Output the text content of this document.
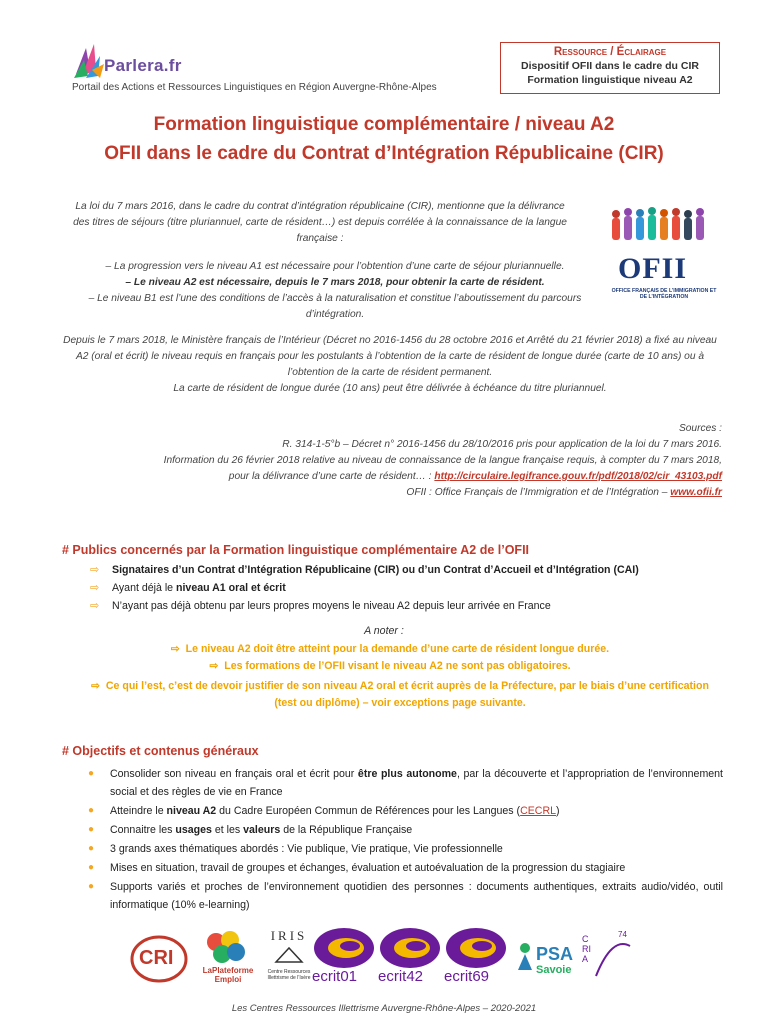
Parlera.fr
Portail des Actions et Ressources Linguistiques en Région Auvergne-Rhône-Alpes
Ressource / Éclairage
Dispositif OFII dans le cadre du CIR
Formation linguistique niveau A2
Formation linguistique complémentaire / niveau A2
OFII dans le cadre du Contrat d’Intégration Républicaine (CIR)
La loi du 7 mars 2016, dans le cadre du contrat d’intégration républicaine (CIR), mentionne que la délivrance des titres de séjours (titre pluriannuel, carte de résident…) est depuis corrélée à la connaissance de la langue française :
– La progression vers le niveau A1 est nécessaire pour l’obtention d’une carte de séjour pluriannuelle.
– Le niveau A2 est nécessaire, depuis le 7 mars 2018, pour obtenir la carte de résident.
– Le niveau B1 est l’une des conditions de l’accès à la naturalisation et constitue l’aboutissement du parcours d’intégration.
OFII
OFFICE FRANÇAIS DE L’IMMIGRATION ET DE L’INTÉGRATION
Depuis le 7 mars 2018, le Ministère français de l’Intérieur (Décret no 2016-1456 du 28 octobre 2016 et Arrêté du 21 février 2018) a fixé au niveau A2 (oral et écrit) le niveau requis en français pour les postulants à l’obtention de la carte de résident de longue durée (carte de 10 ans) ou à l’obtention de la carte de résident permanent.
La carte de résident de longue durée (10 ans) peut être délivrée à échéance du titre pluriannuel.
Sources :
R. 314-1-5°b – Décret n° 2016-1456 du 28/10/2016 pris pour application de la loi du 7 mars 2016.
Information du 26 février 2018 relative au niveau de connaissance de la langue française requis, à compter du 7 mars 2018,
pour la délivrance d’une carte de résident… : http://circulaire.legifrance.gouv.fr/pdf/2018/02/cir_43103.pdf
OFII : Office Français de l’Immigration et de l’Intégration – www.ofii.fr
# Publics concernés par la Formation linguistique complémentaire A2 de l’OFII
⇨ Signataires d’un Contrat d’Intégration Républicaine (CIR) ou d’un Contrat d’Accueil et d’Intégration (CAI)
⇨ Ayant déjà le niveau A1 oral et écrit
⇨ N’ayant pas déjà obtenu par leurs propres moyens le niveau A2 depuis leur arrivée en France
A noter :
⇨ Le niveau A2 doit être atteint pour la demande d’une carte de résident longue durée.
⇨ Les formations de l’OFII visant le niveau A2 ne sont pas obligatoires.
⇨ Ce qui l’est, c’est de devoir justifier de son niveau A2 oral et écrit auprès de la Préfecture, par le biais d’une certification (test ou diplôme) – voir exceptions page suivante.
# Objectifs et contenus généraux
● Consolider son niveau en français oral et écrit pour être plus autonome, par la découverte et l’appropriation de l’environnement social et des règles de vie en France
● Atteindre le niveau A2 du Cadre Européen Commun de Références pour les Langues (CECRL)
● Connaitre les usages et les valeurs de la République Française
● 3 grands axes thématiques abordés : Vie publique, Vie pratique, Vie professionnelle
● Mises en situation, travail de groupes et échanges, évaluation et autoévaluation de la progression du stagiaire
● Supports variés et proches de l’environnement quotidien des personnes : documents authentiques, extraits audio/vidéo, outil informatique (10% e-learning)
CRI
LaPlateforme Emploi
IRIS
Centre Ressources Illettrisme de l’Isère ecrit01 ecrit42 ecrit69
PSA
Savoie
CRIA
74
Les Centres Ressources Illettrisme Auvergne-Rhône-Alpes – 2020-2021
